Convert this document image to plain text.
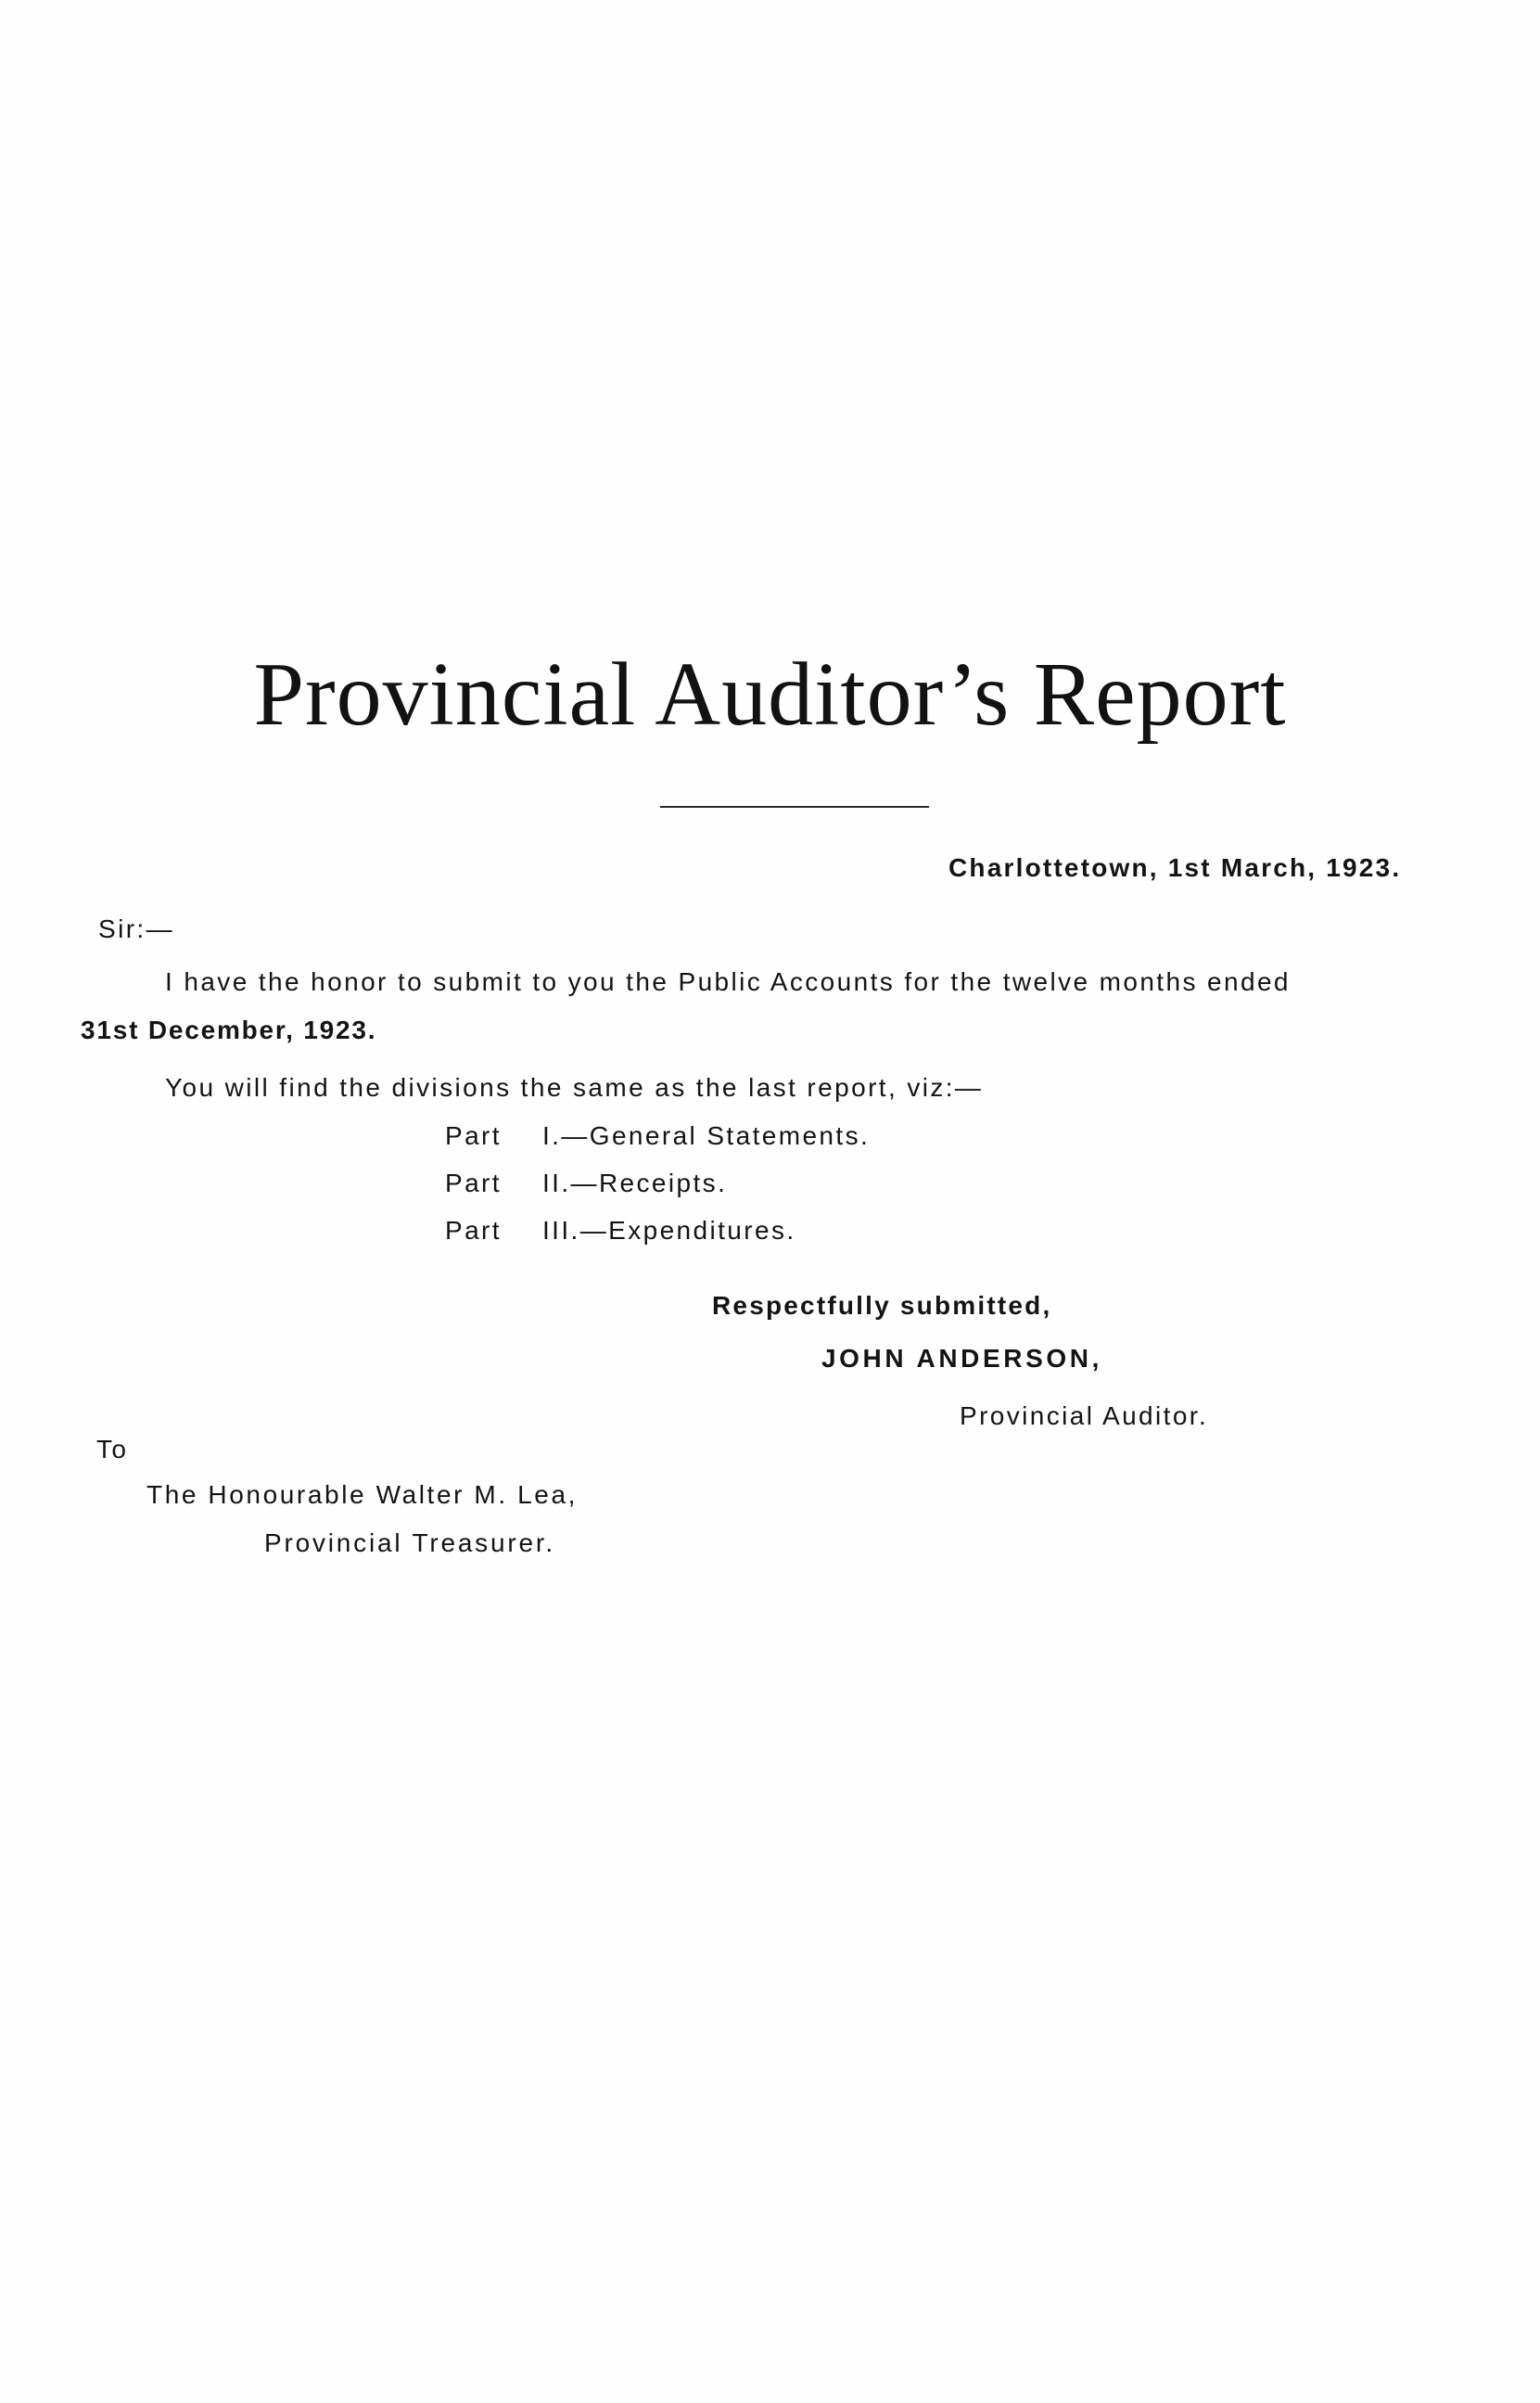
Provincial Auditor’s Report
Charlottetown, 1st March, 1923.
Sir:—
I have the honor to submit to you the Public Accounts for the twelve months ended
31st December, 1923.
You will find the divisions the same as the last report, viz:—
Part I.—General Statements.
Part II.—Receipts.
Part III.—Expenditures.
Respectfully submitted,
JOHN ANDERSON,
Provincial Auditor.
To
The Honourable Walter M. Lea,
Provincial Treasurer.
